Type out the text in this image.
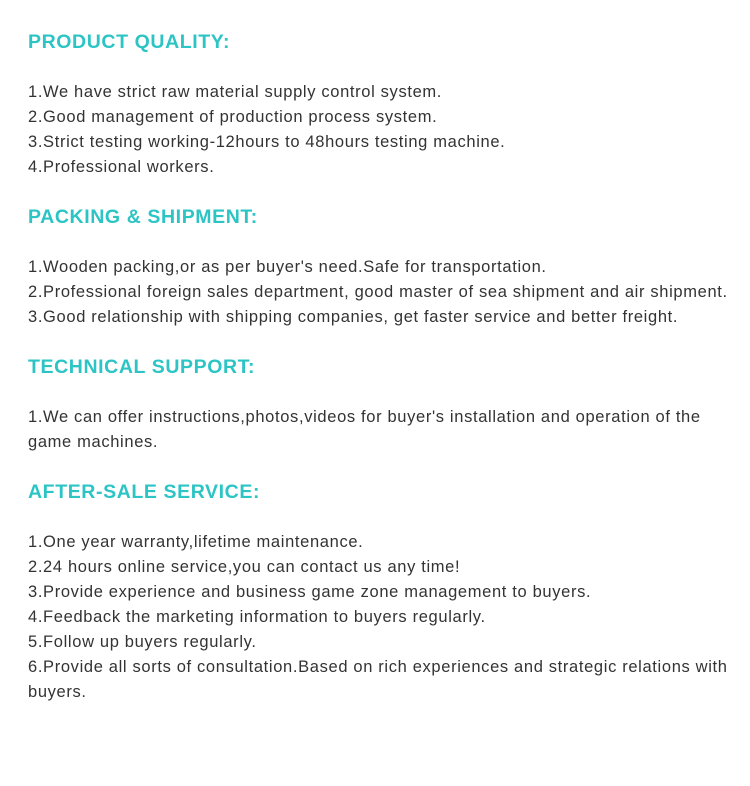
PRODUCT QUALITY:
1.We have strict raw material supply control system.
2.Good management of production process system.
3.Strict testing working-12hours to 48hours testing machine.
4.Professional workers.
PACKING & SHIPMENT:
1.Wooden packing,or as per buyer's need.Safe for transportation.
2.Professional foreign sales department, good master of sea shipment and air shipment.
3.Good relationship with shipping companies, get faster service and better freight.
TECHNICAL SUPPORT:
1.We can offer instructions,photos,videos for buyer's installation and operation of the game machines.
AFTER-SALE SERVICE:
1.One year warranty,lifetime maintenance.
2.24 hours online service,you can contact us any time!
3.Provide experience and business game zone management to buyers.
4.Feedback the marketing information to buyers regularly.
5.Follow up buyers regularly.
6.Provide all sorts of consultation.Based on rich experiences and strategic relations with buyers.
